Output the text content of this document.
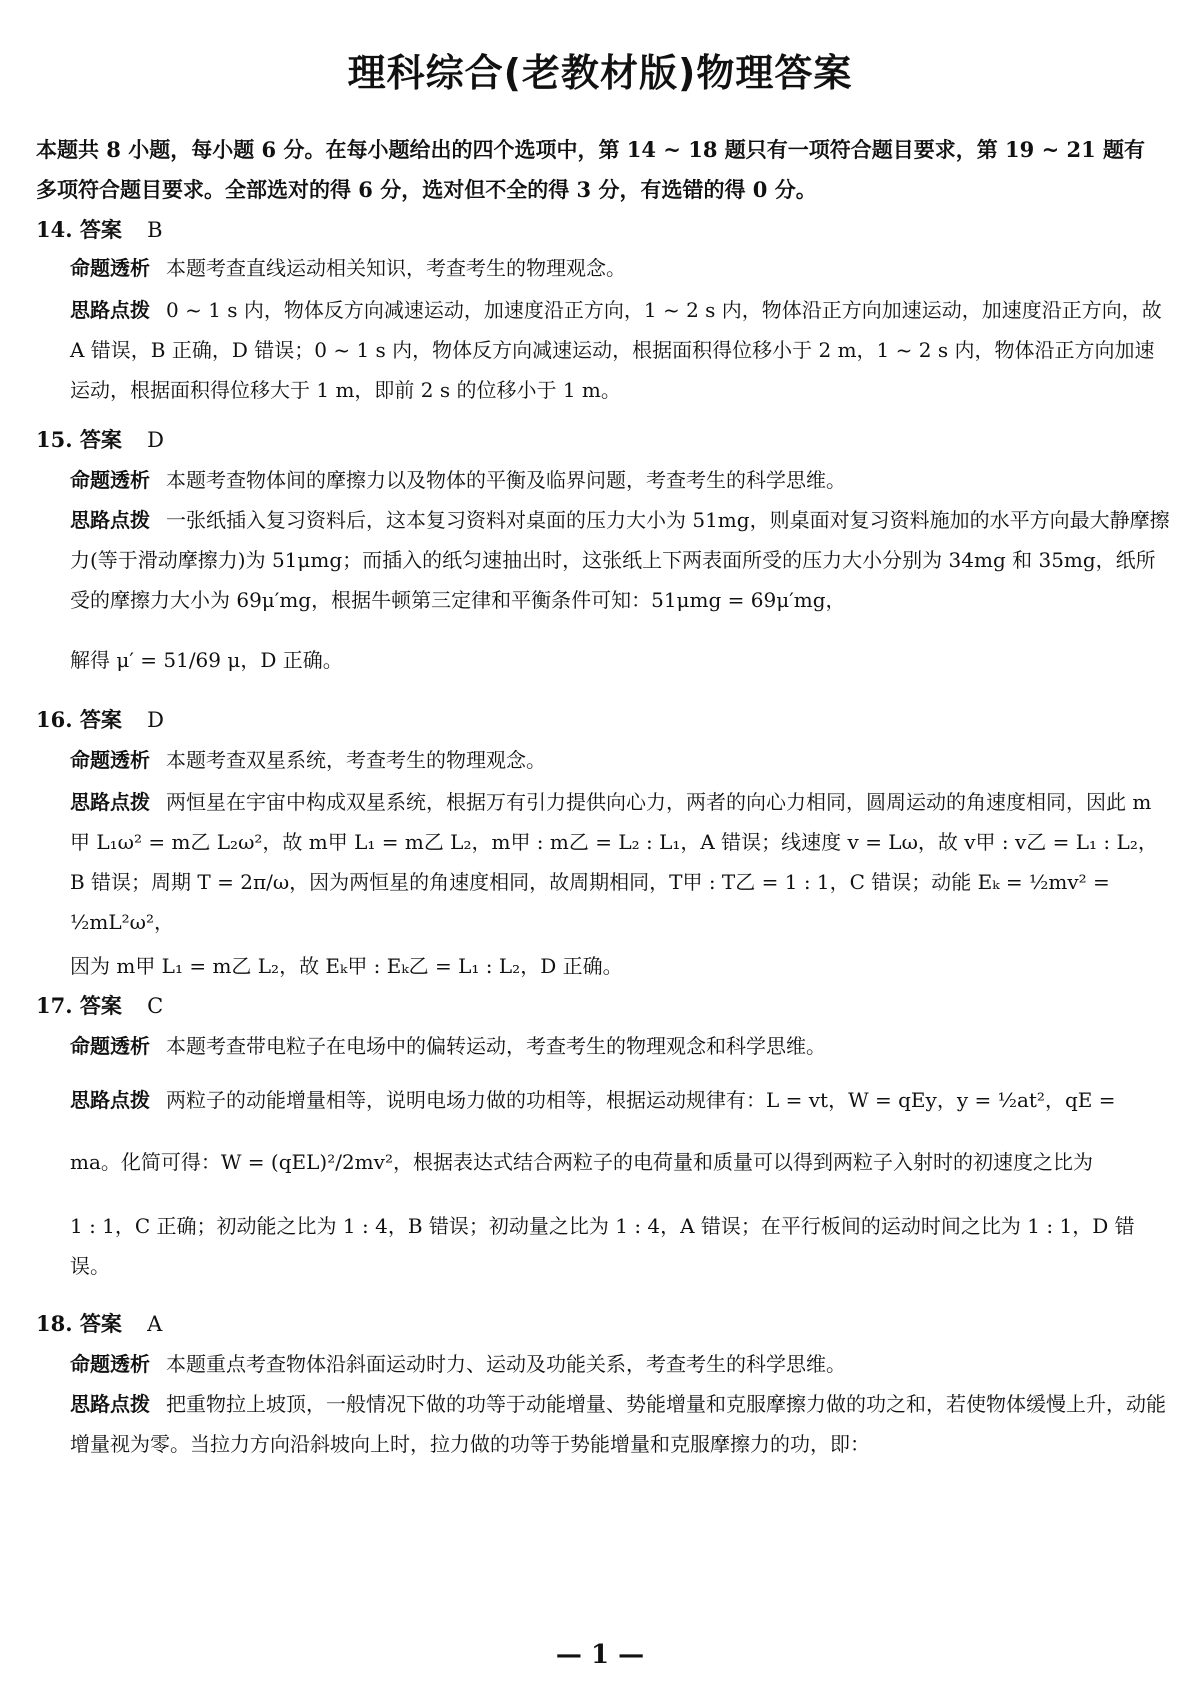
理科综合(老教材版)物理答案

本题共 8 小题，每小题 6 分。在每小题给出的四个选项中，第 14 ~ 18 题只有一项符合题目要求，第 19 ~ 21 题有多项符合题目要求。全部选对的得 6 分，选对但不全的得 3 分，有选错的得 0 分。

14. 答案 B

命题透析 本题考查直线运动相关知识，考查考生的物理观念。

思路点拨 0 ~ 1 s 内，物体反方向减速运动，加速度沿正方向，1 ~ 2 s 内，物体沿正方向加速运动，加速度沿正方向，故 A 错误，B 正确，D 错误；0 ~ 1 s 内，物体反方向减速运动，根据面积得位移小于 2 m，1 ~ 2 s 内，物体沿正方向加速运动，根据面积得位移大于 1 m，即前 2 s 的位移小于 1 m。

15. 答案 D

命题透析 本题考查物体间的摩擦力以及物体的平衡及临界问题，考查考生的科学思维。

思路点拨 一张纸插入复习资料后，这本复习资料对桌面的压力大小为 51mg，则桌面对复习资料施加的水平方向最大静摩擦力(等于滑动摩擦力)为 51μmg；而插入的纸匀速抽出时，这张纸上下两表面所受的压力大小分别为 34mg 和 35mg，纸所受的摩擦力大小为 69μ′mg，根据牛顿第三定律和平衡条件可知：51μmg = 69μ′mg，

解得 μ′ = 51/69 μ，D 正确。

16. 答案 D

命题透析 本题考查双星系统，考查考生的物理观念。

思路点拨 两恒星在宇宙中构成双星系统，根据万有引力提供向心力，两者的向心力相同，圆周运动的角速度相同，因此 m甲 L₁ω² = m乙 L₂ω²，故 m甲 L₁ = m乙 L₂，m甲 : m乙 = L₂ : L₁，A 错误；线速度 v = Lω，故 v甲 : v乙 = L₁ : L₂，B 错误；周期 T = 2π/ω，因为两恒星的角速度相同，故周期相同，T甲 : T乙 = 1 : 1，C 错误；动能 Eₖ = ½mv² = ½mL²ω²，

因为 m甲 L₁ = m乙 L₂，故 Eₖ甲 : Eₖ乙 = L₁ : L₂，D 正确。

17. 答案 C

命题透析 本题考查带电粒子在电场中的偏转运动，考查考生的物理观念和科学思维。

思路点拨 两粒子的动能增量相等，说明电场力做的功相等，根据运动规律有：L = vt，W = qEy，y = ½at²，qE =

ma。化简可得：W = (qEL)²/2mv²，根据表达式结合两粒子的电荷量和质量可以得到两粒子入射时的初速度之比为

1 : 1，C 正确；初动能之比为 1 : 4，B 错误；初动量之比为 1 : 4，A 错误；在平行板间的运动时间之比为 1 : 1，D 错误。

18. 答案 A

命题透析 本题重点考查物体沿斜面运动时力、运动及功能关系，考查考生的科学思维。

思路点拨 把重物拉上坡顶，一般情况下做的功等于动能增量、势能增量和克服摩擦力做的功之和，若使物体缓慢上升，动能增量视为零。当拉力方向沿斜坡向上时，拉力做的功等于势能增量和克服摩擦力的功，即：

— 1 —
